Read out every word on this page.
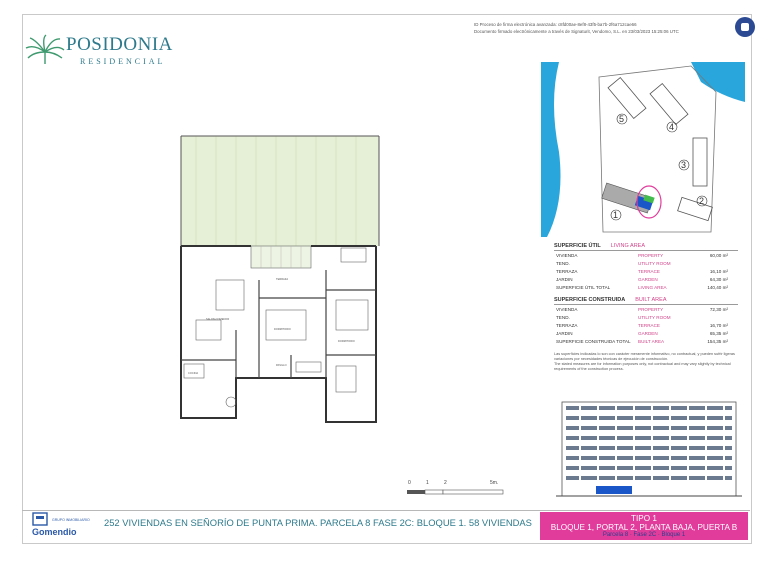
POSIDONIA
RESIDENCIAL
ID Proceso de firma electrónica avanzada: c8fd00ae-8ef8-43f5-ba7b-2f6a712cae66
Documento firmado electrónicamente a través de Signaturit, Vendomo, S.L. en 23/03/2023 15:25:06 UTC
SALON-COMEDOR
DORMITORIO
DORMITORIO
TERRAZA
PASILLO
COCINA
0	1	2	5m.
5
4
3
2
1
SUPERFICIE ÚTIL LIVING AREA
VIVIENDA	PROPERTY	60,00 m²
TEND.	UTILITY ROOM
TERRAZA	TERRACE	16,10 m²
JARDIN	GARDEN	64,30 m²
SUPERFICIE ÚTIL TOTAL	LIVING AREA	140,40 m²
SUPERFICIE CONSTRUIDA BUILT AREA
VIVIENDA	PROPERTY	72,30 m²
TEND.	UTILITY ROOM
TERRAZA	TERRACE	16,70 m²
JARDIN	GARDEN	65,35 m²
SUPERFICIE CONSTRUIDA TOTAL BUILT AREA	154,35 m²
Las superficies indicadas lo son con carácter meramente informativo, no contractual, y pueden sufrir ligeras variaciones por necesidades técnicas de ejecución de construcción.
The stated measures are for information purposes only, not contractual and may vary slightly by technical requirements of the construction process.
GRUPO INMOBILIARIO
Gomendio
252 VIVIENDAS EN SEÑORÍO DE PUNTA PRIMA. PARCELA 8 FASE 2C: BLOQUE 1. 58 VIVIENDAS	TIPO 1
BLOQUE 1, PORTAL 2, PLANTA BAJA, PUERTA B
Parcela 8 · Fase 2C · Bloque 1
